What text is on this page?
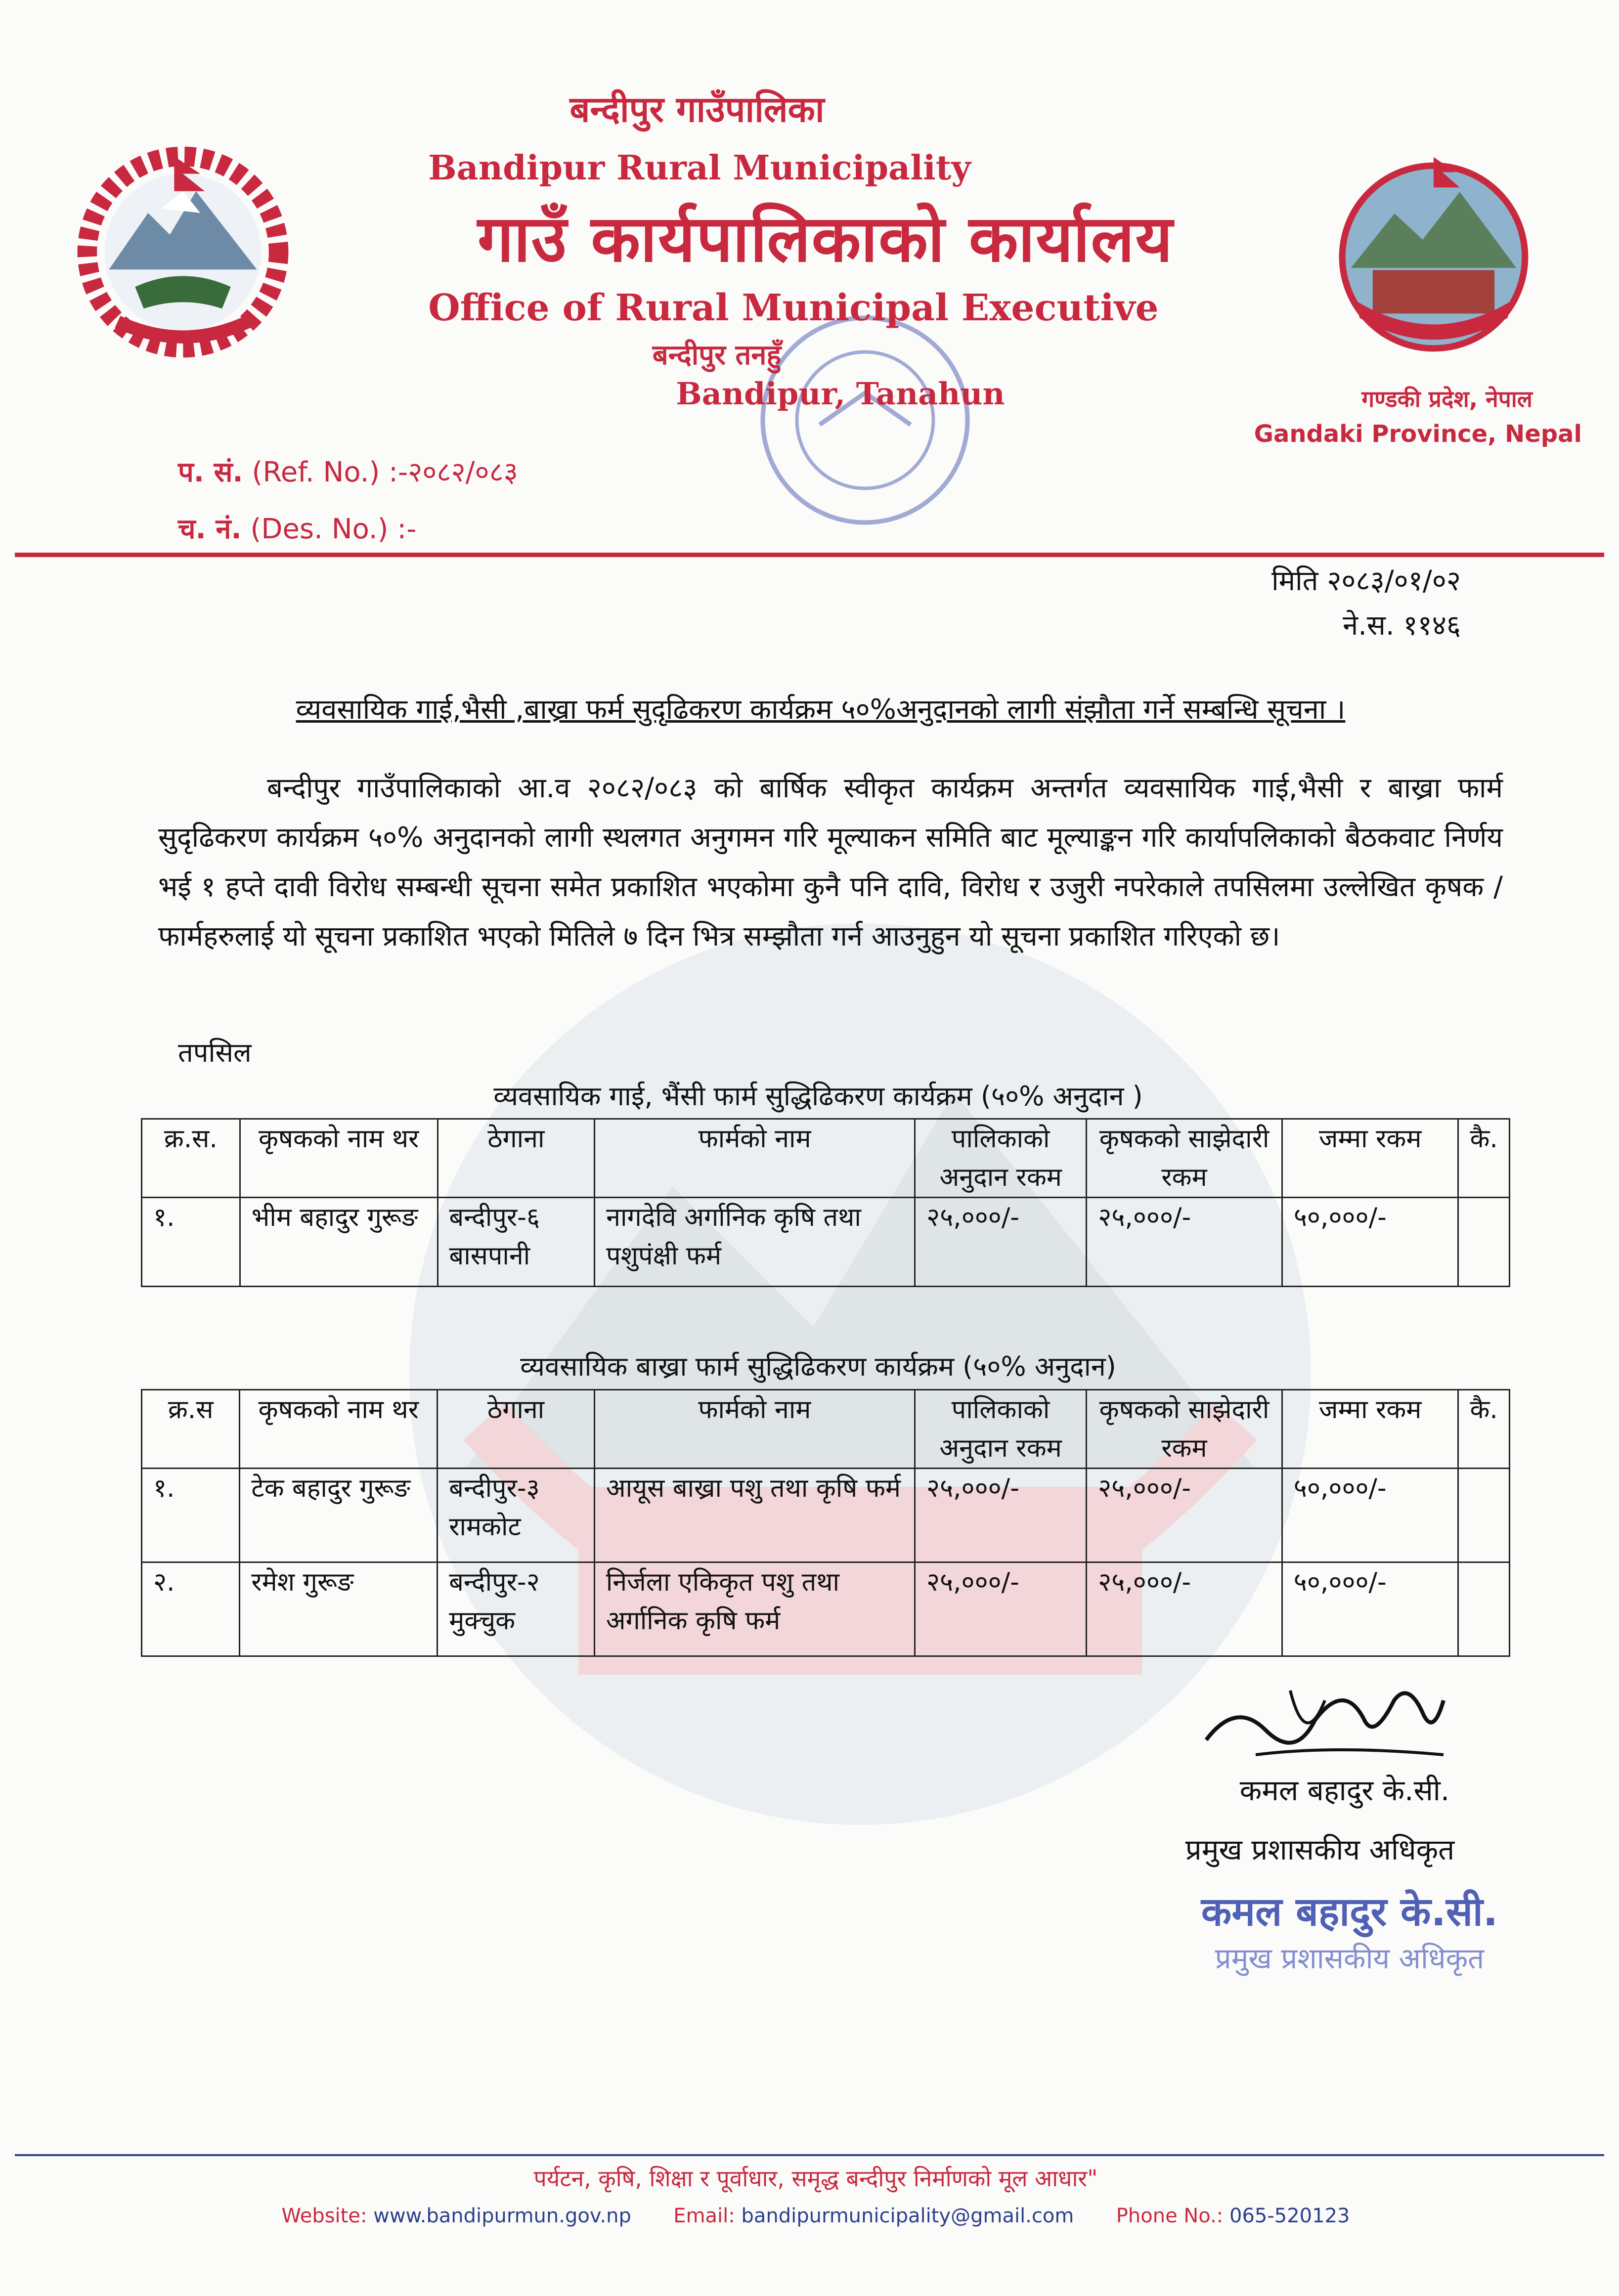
बन्दीपुर गाउँपालिका
Bandipur Rural Municipality
गाउँ कार्यपालिकाको कार्यालय
Office of Rural Municipal Executive
बन्दीपुर तनहुँ
Bandipur, Tanahun	गण्डकी प्रदेश, नेपाल
Gandaki Province, Nepal
प. सं. (Ref. No.) :-२०८२/०८३
च. नं. (Des. No.) :-
मिति २०८३/०१/०२
ने.स. ११४६
व्यवसायिक गाई,भैसी ,बाख्रा फर्म सुदृढिकरण कार्यक्रम ५०%अनुदानको लागी संझौता गर्ने सम्बन्धि सूचना ।
बन्दीपुर गाउँपालिकाको आ.व २०८२/०८३ को बार्षिक स्वीकृत कार्यक्रम अन्तर्गत व्यवसायिक गाई,भैसी र बाख्रा फार्म सुदृढिकरण कार्यक्रम ५०% अनुदानको लागी स्थलगत अनुगमन गरि मूल्याकन समिति बाट मूल्याङ्कन गरि कार्यापलिकाको बैठकवाट निर्णय भई १ हप्ते दावी विरोध सम्बन्धी सूचना समेत प्रकाशित भएकोमा कुनै पनि दावि, विरोध र उजुरी नपरेकाले तपसिलमा उल्लेखित कृषक /फार्महरुलाई यो सूचना प्रकाशित भएको मितिले ७ दिन भित्र सम्झौता गर्न आउनुहुन यो सूचना प्रकाशित गरिएको छ।
तपसिल
व्यवसायिक गाई, भैंसी फार्म सुद्धिढिकरण कार्यक्रम (५०% अनुदान )
क्र.स.	कृषकको नाम थर	ठेगाना	फार्मको नाम	पालिकाको अनुदान रकम	कृषकको साझेदारी रकम	जम्मा रकम	कै.
१.	भीम बहादुर गुरूङ	बन्दीपुर-६ बासपानी	नागदेवि अर्गानिक कृषि तथा पशुपंक्षी फर्म	२५,०००/-	२५,०००/-	५०,०००/-	
व्यवसायिक बाख्रा फार्म सुद्धिढिकरण कार्यक्रम (५०% अनुदान)
क्र.स	कृषकको नाम थर	ठेगाना	फार्मको नाम	पालिकाको अनुदान रकम	कृषकको साझेदारी रकम	जम्मा रकम	कै.
१.	टेक बहादुर गुरूङ	बन्दीपुर-३ रामकोट	आयूस बाख्रा पशु तथा कृषि फर्म	२५,०००/-	२५,०००/-	५०,०००/-	
२.	रमेश गुरूङ	बन्दीपुर-२ मुक्चुक	निर्जला एकिकृत पशु तथा अर्गानिक कृषि फर्म	२५,०००/-	२५,०००/-	५०,०००/-	
कमल बहादुर के.सी.
प्रमुख प्रशासकीय अधिकृत
कमल बहादुर के.सी.
प्रमुख प्रशासकीय अधिकृत
पर्यटन, कृषि, शिक्षा र पूर्वाधार, समृद्ध बन्दीपुर निर्माणको मूल आधार"
Website: www.bandipurmun.gov.np Email: bandipurmunicipality@gmail.com Phone No.: 065-520123
